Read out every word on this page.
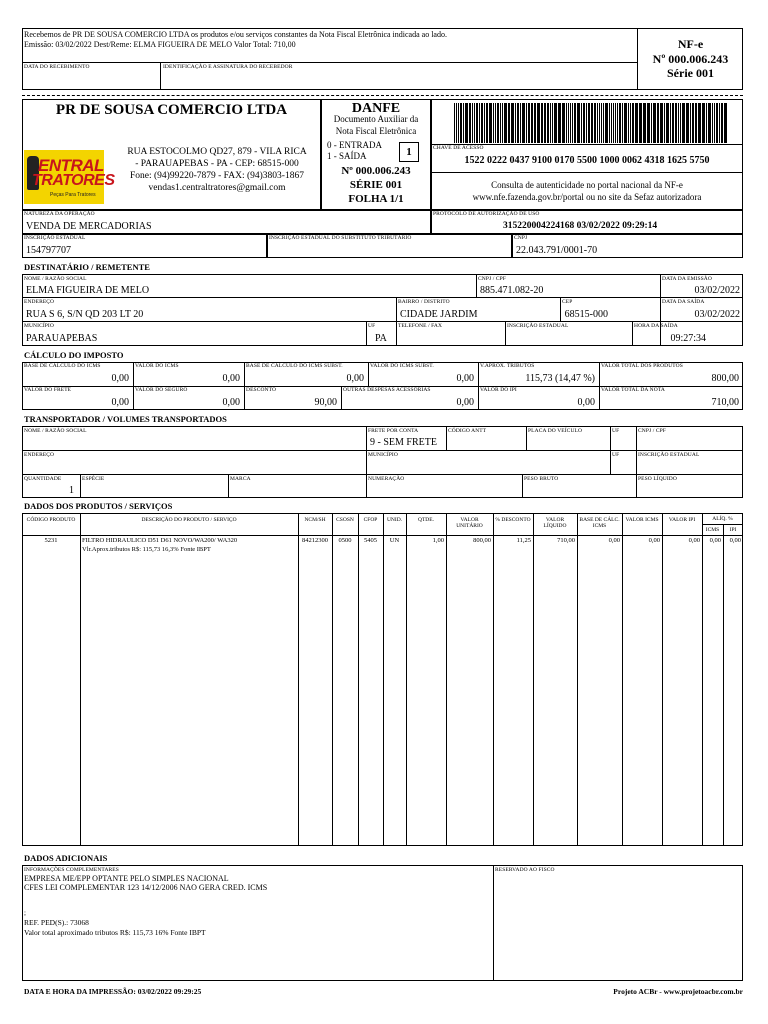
Recebemos de PR DE SOUSA COMERCIO LTDA os produtos e/ou serviços constantes da Nota Fiscal Eletrônica indicada ao lado.
Emissão: 03/02/2022 Dest/Reme: ELMA FIGUEIRA DE MELO Valor Total: 710,00
DATA DO RECEBIMENTO	IDENTIFICAÇÃO E ASSINATURA DO RECEBEDOR
NF-e
Nº 000.006.243
Série 001
PR DE SOUSA COMERCIO LTDA
ENTRAL
TRATORES
Peças Para Tratores
RUA ESTOCOLMO QD27, 879 - VILA RICA
- PARAUAPEBAS - PA - CEP: 68515-000
Fone: (94)99220-7879 - FAX: (94)3803-1867
vendas1.centraltratores@gmail.com
DANFE
Documento Auxiliar da
Nota Fiscal Eletrônica
0 - ENTRADA
1 - SAÍDA	1
Nº 000.006.243
SÉRIE 001
FOLHA 1/1
CHAVE DE ACESSO
1522 0222 0437 9100 0170 5500 1000 0062 4318 1625 5750
Consulta de autenticidade no portal nacional da NF-e
www.nfe.fazenda.gov.br/portal ou no site da Sefaz autorizadora
NATUREZA DA OPERAÇÃO
VENDA DE MERCADORIAS
PROTOCOLO DE AUTORIZAÇÃO DE USO
315220004224168 03/02/2022 09:29:14
INSCRIÇÃO ESTADUAL
154797707
INSCRIÇÃO ESTADUAL DO SUBSTITUTO TRIBUTÁRIO	CNPJ
22.043.791/0001-70
DESTINATÁRIO / REMETENTE
NOME / RAZÃO SOCIAL
ELMA FIGUEIRA DE MELO
CNPJ / CPF
885.471.082-20
DATA DA EMISSÃO
03/02/2022
ENDEREÇO
RUA S 6, S/N QD 203 LT 20
BAIRRO / DISTRITO
CIDADE JARDIM
CEP
68515-000
DATA DA SAÍDA
03/02/2022
MUNICÍPIO
PARAUAPEBAS
UF
PA
TELEFONE / FAX	INSCRIÇÃO ESTADUAL	HORA DA SAÍDA
09:27:34
CÁLCULO DO IMPOSTO
BASE DE CÁLCULO DO ICMS
0,00
VALOR DO ICMS
0,00
BASE DE CÁLCULO DO ICMS SUBST.
0,00
VALOR DO ICMS SUBST.
0,00
V.APROX. TRIBUTOS
115,73 (14,47 %)
VALOR TOTAL DOS PRODUTOS
800,00
VALOR DO FRETE
0,00
VALOR DO SEGURO
0,00
DESCONTO
90,00
OUTRAS DESPESAS ACESSÓRIAS
0,00
VALOR DO IPI
0,00
VALOR TOTAL DA NOTA
710,00
TRANSPORTADOR / VOLUMES TRANSPORTADOS
NOME / RAZÃO SOCIAL	FRETE POR CONTA
9 - SEM FRETE
CÓDIGO ANTT	PLACA DO VEÍCULO	UF	CNPJ / CPF
ENDEREÇO	MUNICÍPIO	UF	INSCRIÇÃO ESTADUAL
QUANTIDADE
1
ESPÉCIE	MARCA	NUMERAÇÃO	PESO BRUTO	PESO LÍQUIDO
DADOS DOS PRODUTOS / SERVIÇOS
CÓDIGO PRODUTO	DESCRIÇÃO DO PRODUTO / SERVIÇO	NCM/SH	CSOSN	CFOP	UNID.	QTDE.	VALOR UNITÁRIO
% DESCONTO	VALOR LÍQUIDO
BASE DE CÁLC. ICMS
VALOR ICMS	VALOR IPI
ICMS	IPI
ALÍQ. %
5231	FILTRO HIDRAULICO D51 D61 NOVO/WA200/ WA320	84212300	0500	5405	UN	1,00	800,00	11,25	710,00	0,00	0,00	0,00	0,00	0,00
Vlr.Aprox.tributos R$: 115,73 16,3% Fonte IBPT
DADOS ADICIONAIS
INFORMAÇÕES COMPLEMENTARES
EMPRESA ME/EPP OPTANTE PELO SIMPLES NACIONAL
CFES LEI COMPLEMENTAR 123 14/12/2006 NAO GERA CRED. ICMS
;
REF. PED(S).: 73068
Valor total aproximado tributos R$: 115,73 16% Fonte IBPT
RESERVADO AO FISCO
DATA E HORA DA IMPRESSÃO: 03/02/2022 09:29:25	Projeto ACBr - www.projetoacbr.com.br
